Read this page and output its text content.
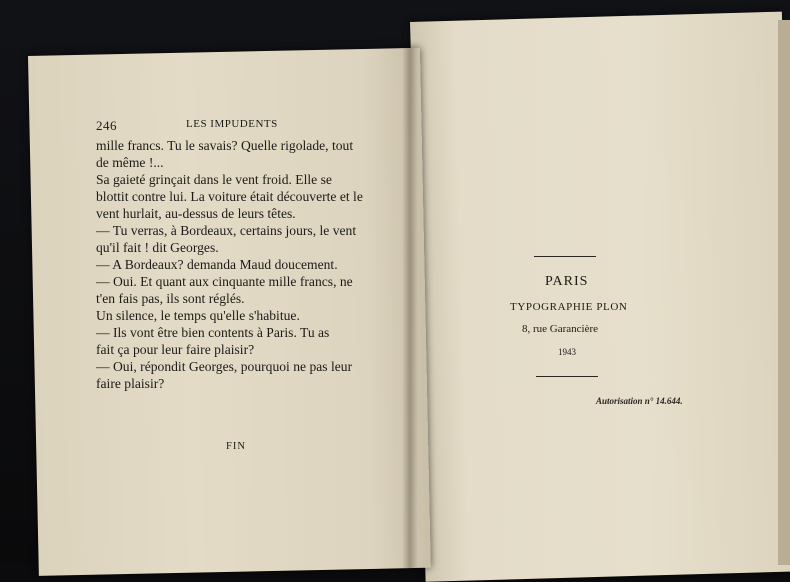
246	LES IMPUDENTS

mille francs. Tu le savais? Quelle rigolade, tout

de même !...

Sa gaieté grinçait dans le vent froid. Elle se

blottit contre lui. La voiture était découverte et le

vent hurlait, au-dessus de leurs têtes.

— Tu verras, à Bordeaux, certains jours, le vent

qu'il fait ! dit Georges.

— A Bordeaux? demanda Maud doucement.

— Oui. Et quant aux cinquante mille francs, ne

t'en fais pas, ils sont réglés.

Un silence, le temps qu'elle s'habitue.

— Ils vont être bien contents à Paris. Tu as

fait ça pour leur faire plaisir?

— Oui, répondit Georges, pourquoi ne pas leur

faire plaisir?

FIN
PARIS
TYPOGRAPHIE PLON
8, rue Garancière
1943
Autorisation n° 14.644.
